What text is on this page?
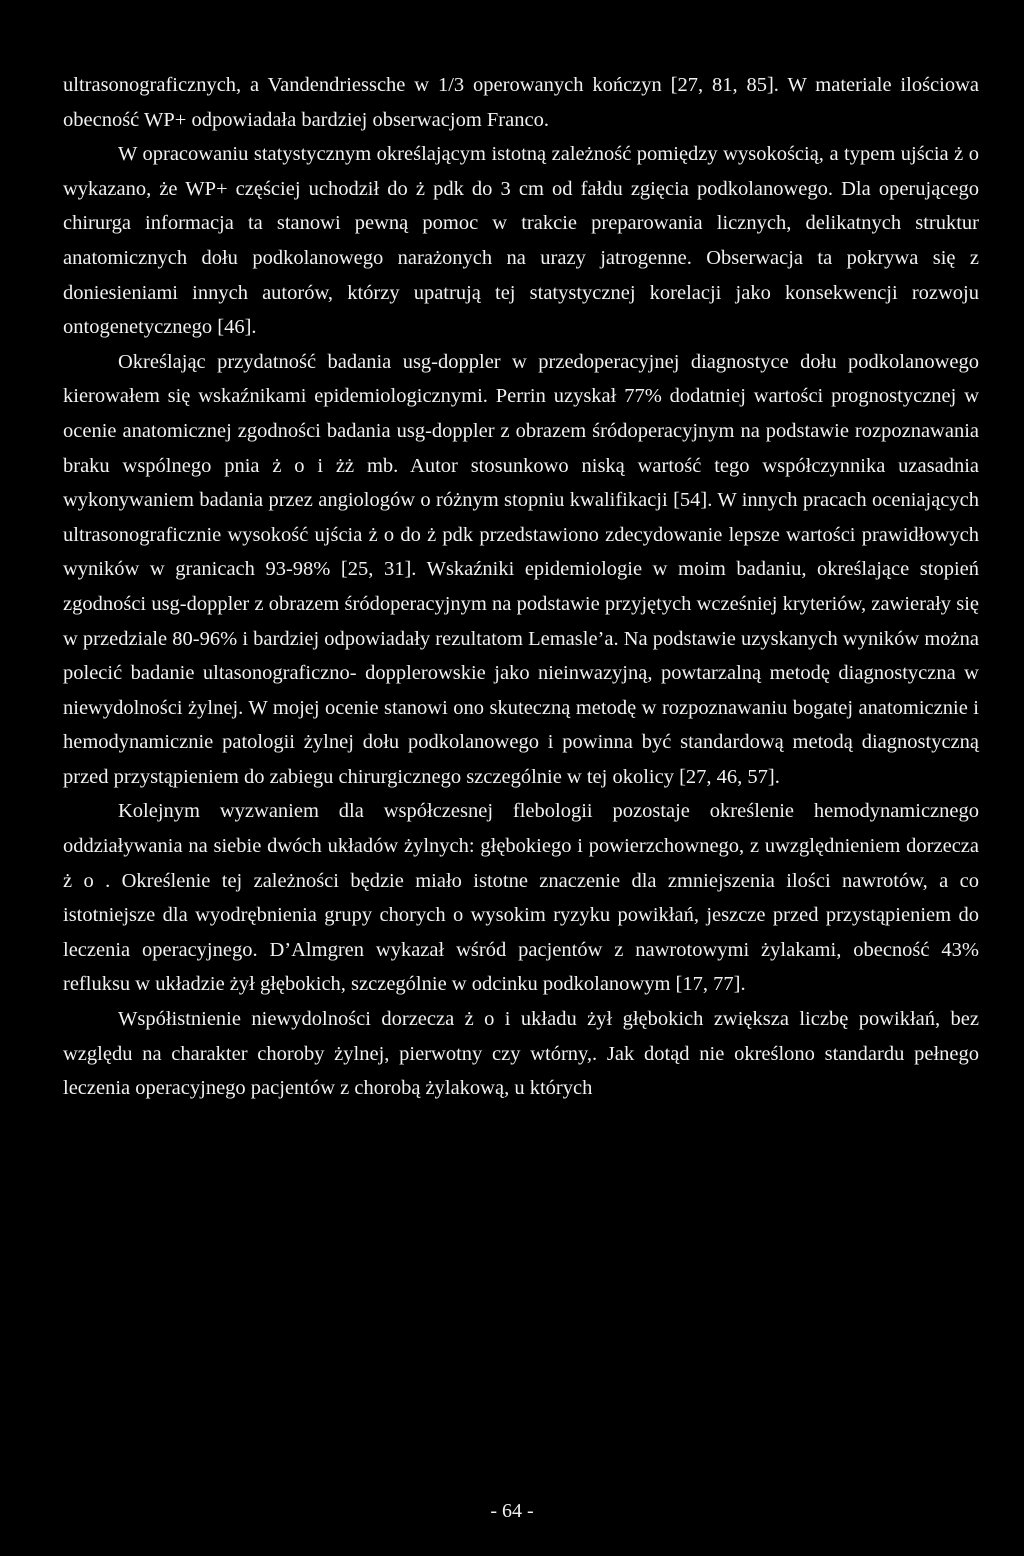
ultrasonograficznych, a Vandendriessche w 1/3 operowanych kończyn [27, 81, 85]. W materiale ilościowa obecność WP+ odpowiadała bardziej obserwacjom Franco.

W opracowaniu statystycznym określającym istotną zależność pomiędzy wysokością, a typem ujścia ż o wykazano, że WP+ częściej uchodził do ż pdk do 3 cm od fałdu zgięcia podkolanowego. Dla operującego chirurga informacja ta stanowi pewną pomoc w trakcie preparowania licznych, delikatnych struktur anatomicznych dołu podkolanowego narażonych na urazy jatrogenne. Obserwacja ta pokrywa się z doniesieniami innych autorów, którzy upatrują tej statystycznej korelacji jako konsekwencji rozwoju ontogenetycznego [46].

Określając przydatność badania usg-doppler w przedoperacyjnej diagnostyce dołu podkolanowego kierowałem się wskaźnikami epidemiologicznymi. Perrin uzyskał 77% dodatniej wartości prognostycznej w ocenie anatomicznej zgodności badania usg-doppler z obrazem śródoperacyjnym na podstawie rozpoznawania braku wspólnego pnia ż o i żż mb. Autor stosunkowo niską wartość tego współczynnika uzasadnia wykonywaniem badania przez angiologów o różnym stopniu kwalifikacji [54]. W innych pracach oceniających ultrasonograficznie wysokość ujścia ż o do ż pdk przedstawiono zdecydowanie lepsze wartości prawidłowych wyników w granicach 93-98% [25, 31]. Wskaźniki epidemiologie w moim badaniu, określające stopień zgodności usg-doppler z obrazem śródoperacyjnym na podstawie przyjętych wcześniej kryteriów, zawierały się w przedziale 80-96% i bardziej odpowiadały rezultatom Lemasle’a. Na podstawie uzyskanych wyników można polecić badanie ultasonograficzno- dopplerowskie jako nieinwazyjną, powtarzalną metodę diagnostyczna w niewydolności żylnej. W mojej ocenie stanowi ono skuteczną metodę w rozpoznawaniu bogatej anatomicznie i hemodynamicznie patologii żylnej dołu podkolanowego i powinna być standardową metodą diagnostyczną przed przystąpieniem do zabiegu chirurgicznego szczególnie w tej okolicy [27, 46, 57].

Kolejnym wyzwaniem dla współczesnej flebologii pozostaje określenie hemodynamicznego oddziaływania na siebie dwóch układów żylnych: głębokiego i powierzchownego, z uwzględnieniem dorzecza ż o . Określenie tej zależności będzie miało istotne znaczenie dla zmniejszenia ilości nawrotów, a co istotniejsze dla wyodrębnienia grupy chorych o wysokim ryzyku powikłań, jeszcze przed przystąpieniem do leczenia operacyjnego. D’Almgren wykazał wśród pacjentów z nawrotowymi żylakami, obecność 43% refluksu w układzie żył głębokich, szczególnie w odcinku podkolanowym [17, 77].

Współistnienie niewydolności dorzecza ż o i układu żył głębokich zwiększa liczbę powikłań, bez względu na charakter choroby żylnej, pierwotny czy wtórny,. Jak dotąd nie określono standardu pełnego leczenia operacyjnego pacjentów z chorobą żylakową, u których

- 64 -
